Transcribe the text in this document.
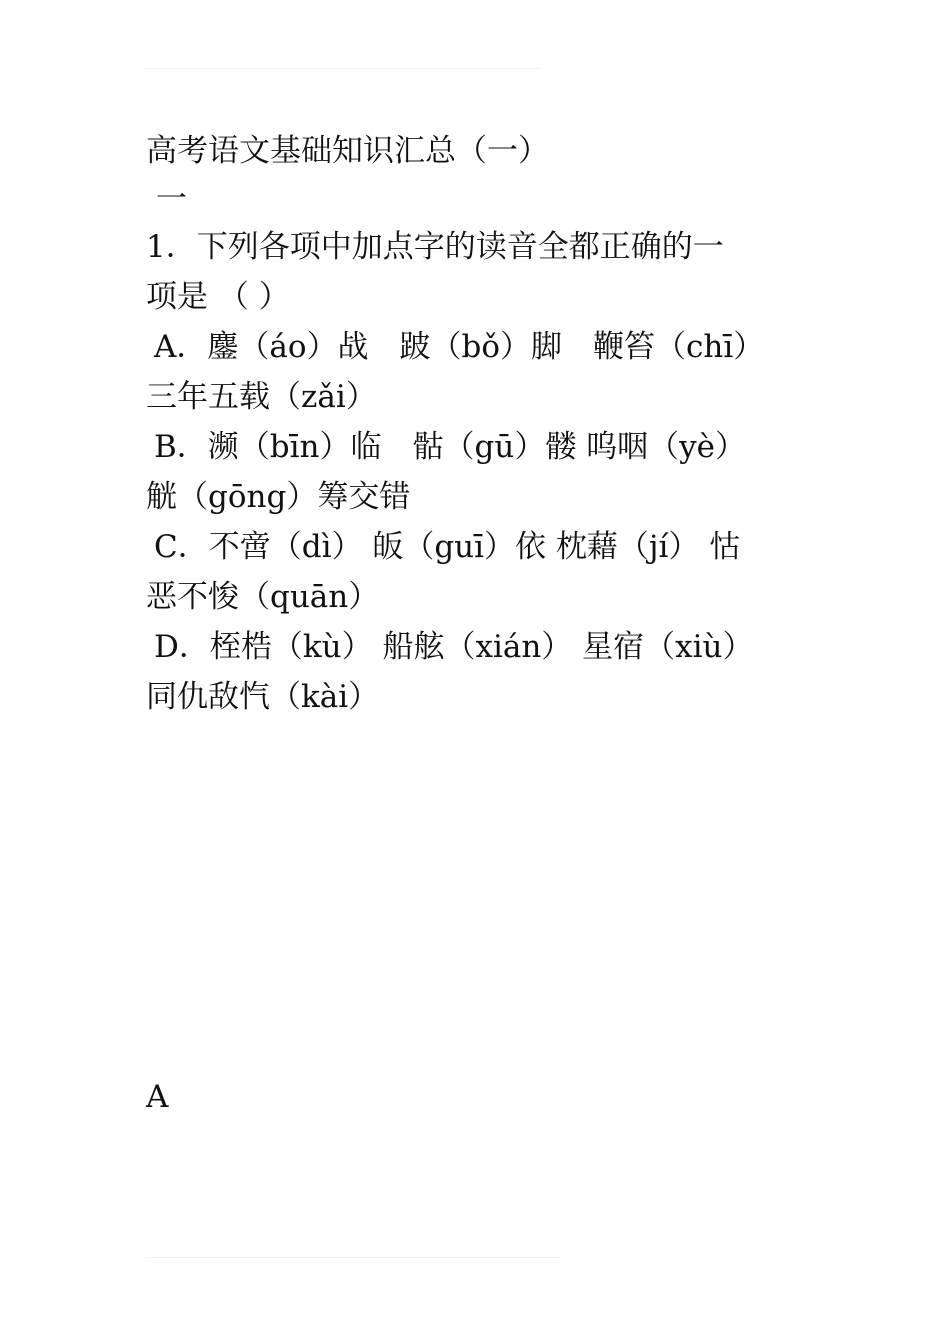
高考语文基础知识汇总（一）
一
1．下列各项中加点字的读音全都正确的一
项是 （ ）
A．鏖（áo）战　跛（bǒ）脚　鞭笞（chī）
三年五载（zǎi）
B．濒（bīn）临　骷（gū）髅 呜咽（yè）
觥（gōng）筹交错
C．不啻（dì） 皈（guī）依 枕藉（jí） 怙
恶不悛（quān）
D．桎梏（kù） 船舷（xián） 星宿（xiù）
同仇敌忾（kài）
A
